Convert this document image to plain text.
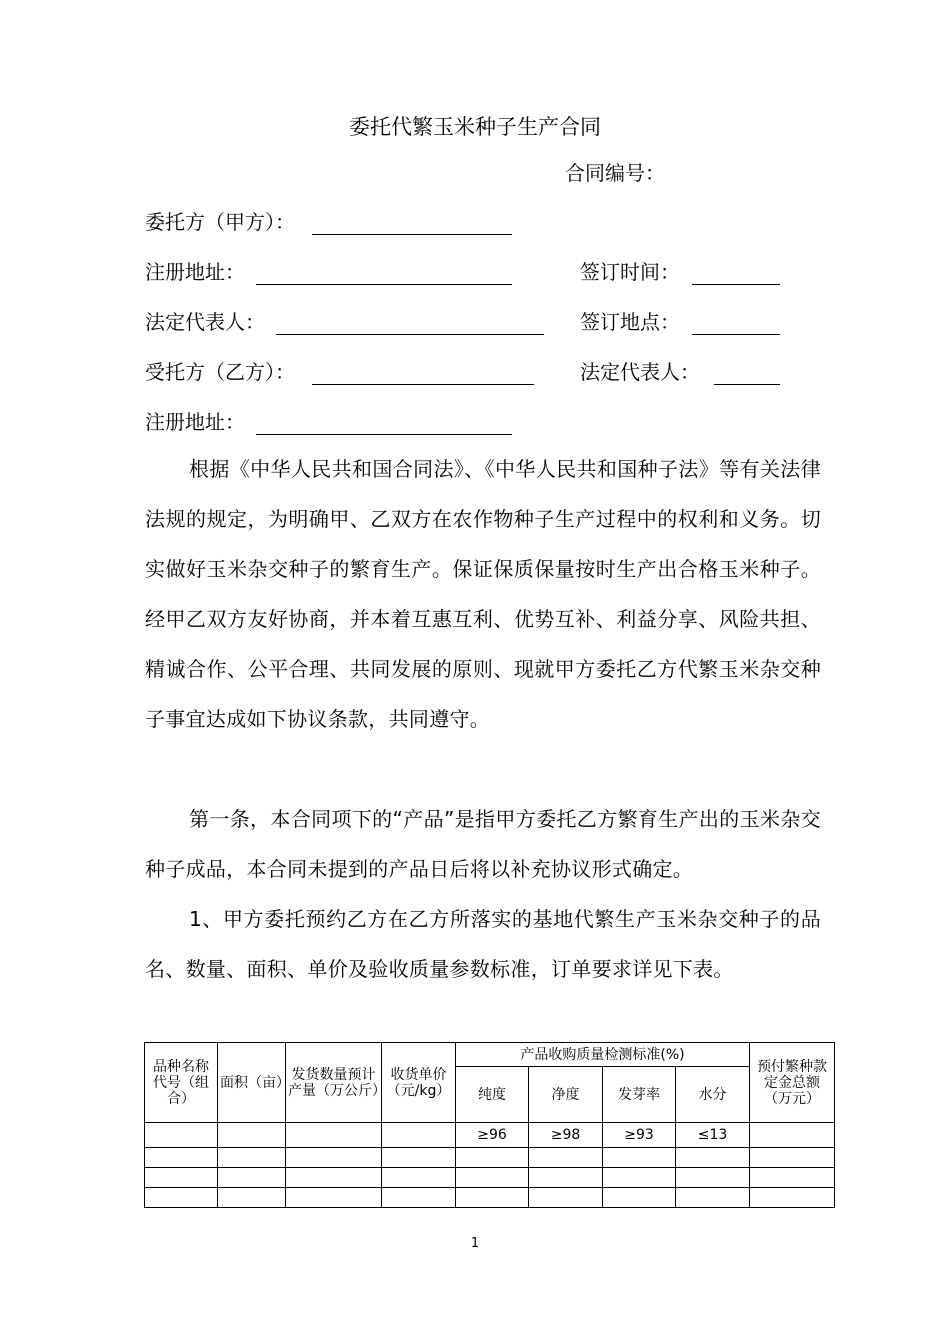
委托代繁玉米种子生产合同
合同编号：
委托方（甲方）：
注册地址：	签订时间：
法定代表人：	签订地点：
受托方（乙方）：	法定代表人：
注册地址：

根据《中华人民共和国合同法》、《中华人民共和国种子法》等有关法律法规的规定，为明确甲、乙双方在农作物种子生产过程中的权利和义务。切实做好玉米杂交种子的繁育生产。保证保质保量按时生产出合格玉米种子。经甲乙双方友好协商，并本着互惠互利、优势互补、利益分享、风险共担、精诚合作、公平合理、共同发展的原则、现就甲方委托乙方代繁玉米杂交种子事宜达成如下协议条款，共同遵守。

第一条，本合同项下的“产品”是指甲方委托乙方繁育生产出的玉米杂交种子成品，本合同未提到的产品日后将以补充协议形式确定。

1、甲方委托预约乙方在乙方所落实的基地代繁生产玉米杂交种子的品名、数量、面积、单价及验收质量参数标准，订单要求详见下表。

品种名称代号（组合）	面积（亩）	发货数量预计产量（万公斤）	收货单价（元/kg）	产品收购质量检测标准(%)				预付繁种款定金总额（万元）
				纯度	净度	发芽率	水分	
				≥96	≥98	≥93	≤13	

1
